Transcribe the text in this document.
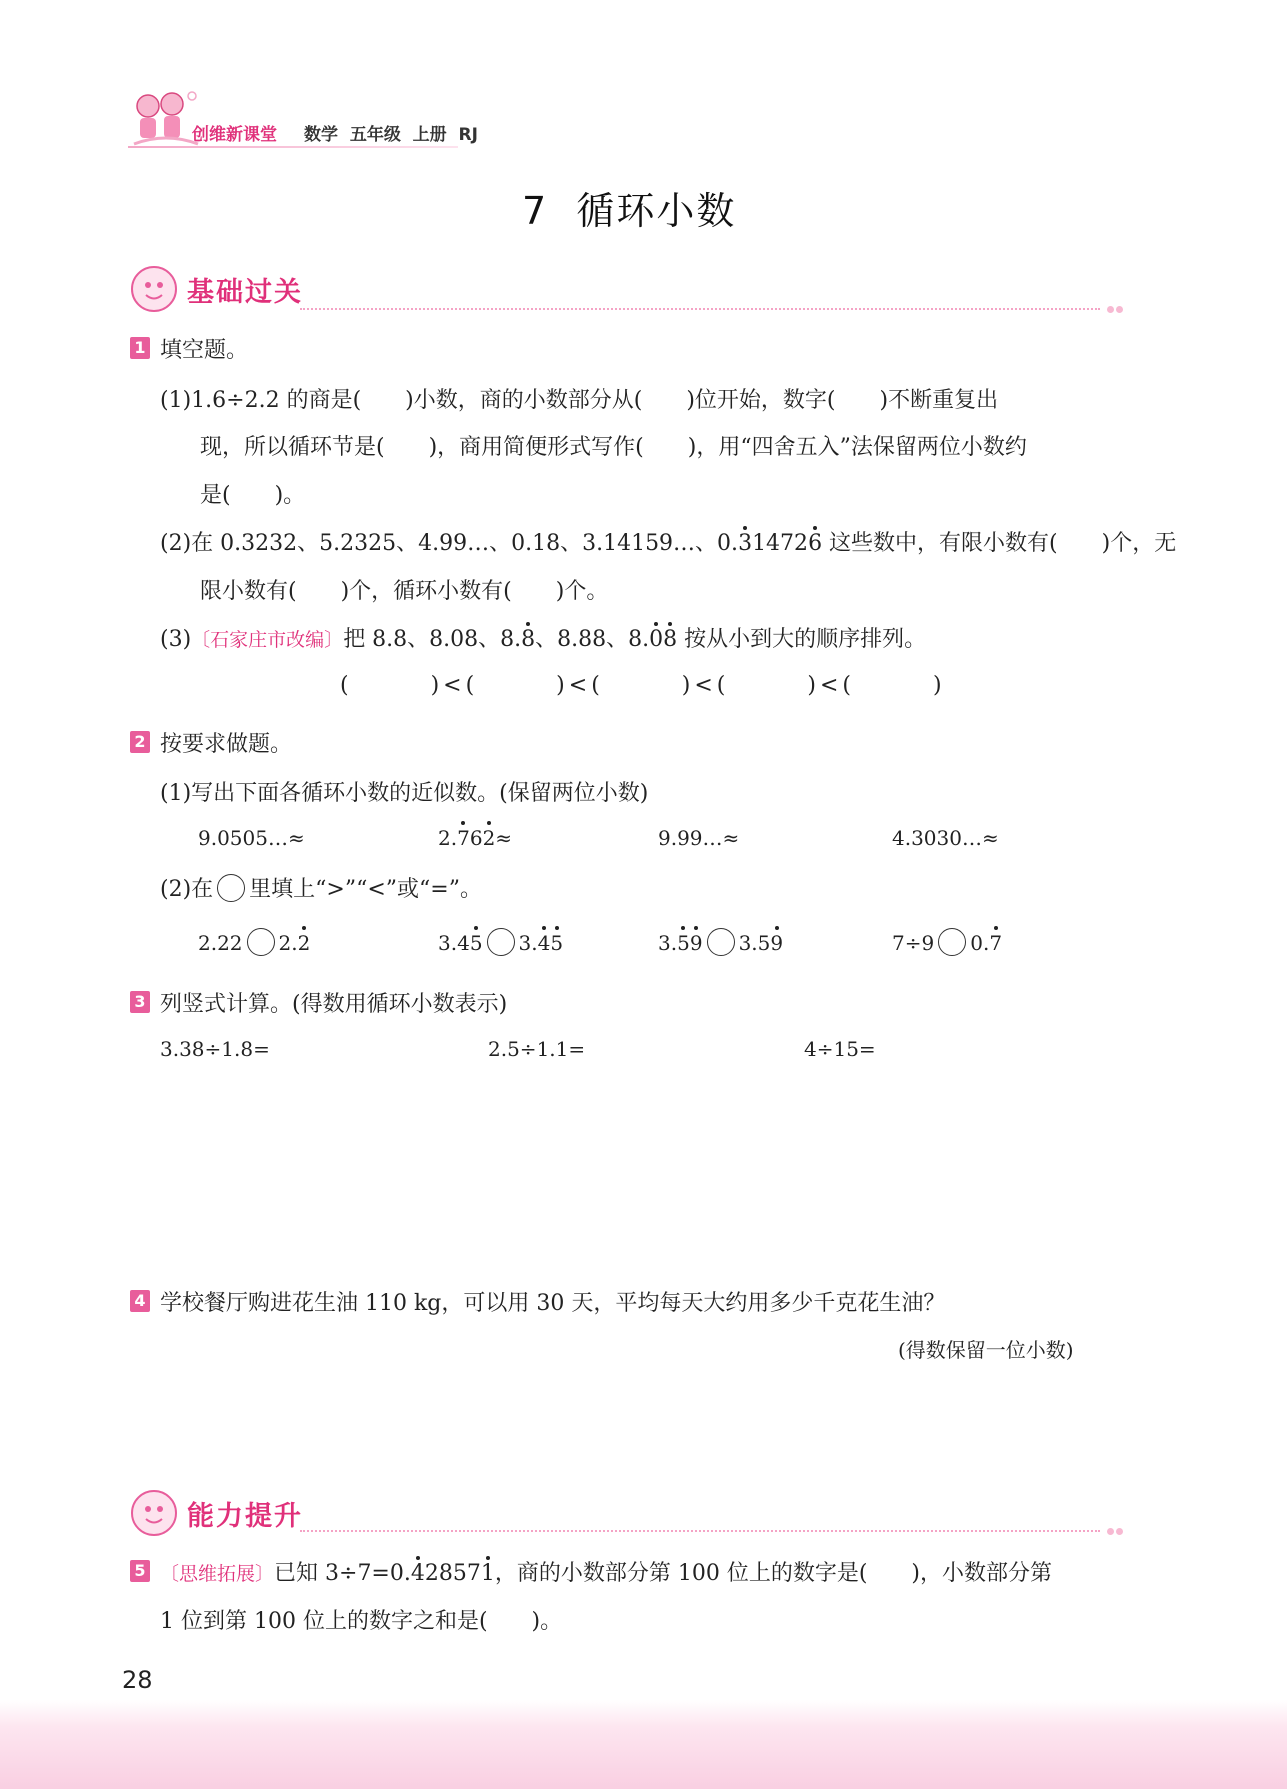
创维新课堂 数学  五年级  上册  RJ
7  循环小数
基础过关
1 填空题。
(1)1.6÷2.2 的商是(　　)小数，商的小数部分从(　　)位开始，数字(　　)不断重复出
现，所以循环节是(　　)，商用简便形式写作(　　)，用“四舍五入”法保留两位小数约
是(　　)。
(2)在 0.3232、5.2325、4.99…、0.18、3.14159…、0.314726 这些数中，有限小数有(　　)个，无
限小数有(　　)个，循环小数有(　　)个。
(3)〔石家庄市改编〕把 8.8、8.08、8.8、8.88、8.08 按从小到大的顺序排列。
(　　　)<(　　　)<(　　　)<(　　　)<(　　　)
2 按要求做题。
(1)写出下面各循环小数的近似数。(保留两位小数)
9.0505…≈	2.762≈	9.99…≈	4.3030…≈
(2)在 里填上“>”“<”或“=”。
2.22 2.2	3.45 3.45	3.59 3.59	7÷9 0.7
3 列竖式计算。(得数用循环小数表示)
3.38÷1.8=	2.5÷1.1=	4÷15=
4 学校餐厅购进花生油 110 kg，可以用 30 天，平均每天大约用多少千克花生油？
(得数保留一位小数)
能力提升
5 〔思维拓展〕已知 3÷7=0.428571，商的小数部分第 100 位上的数字是(　　)，小数部分第
1 位到第 100 位上的数字之和是(　　)。
28
